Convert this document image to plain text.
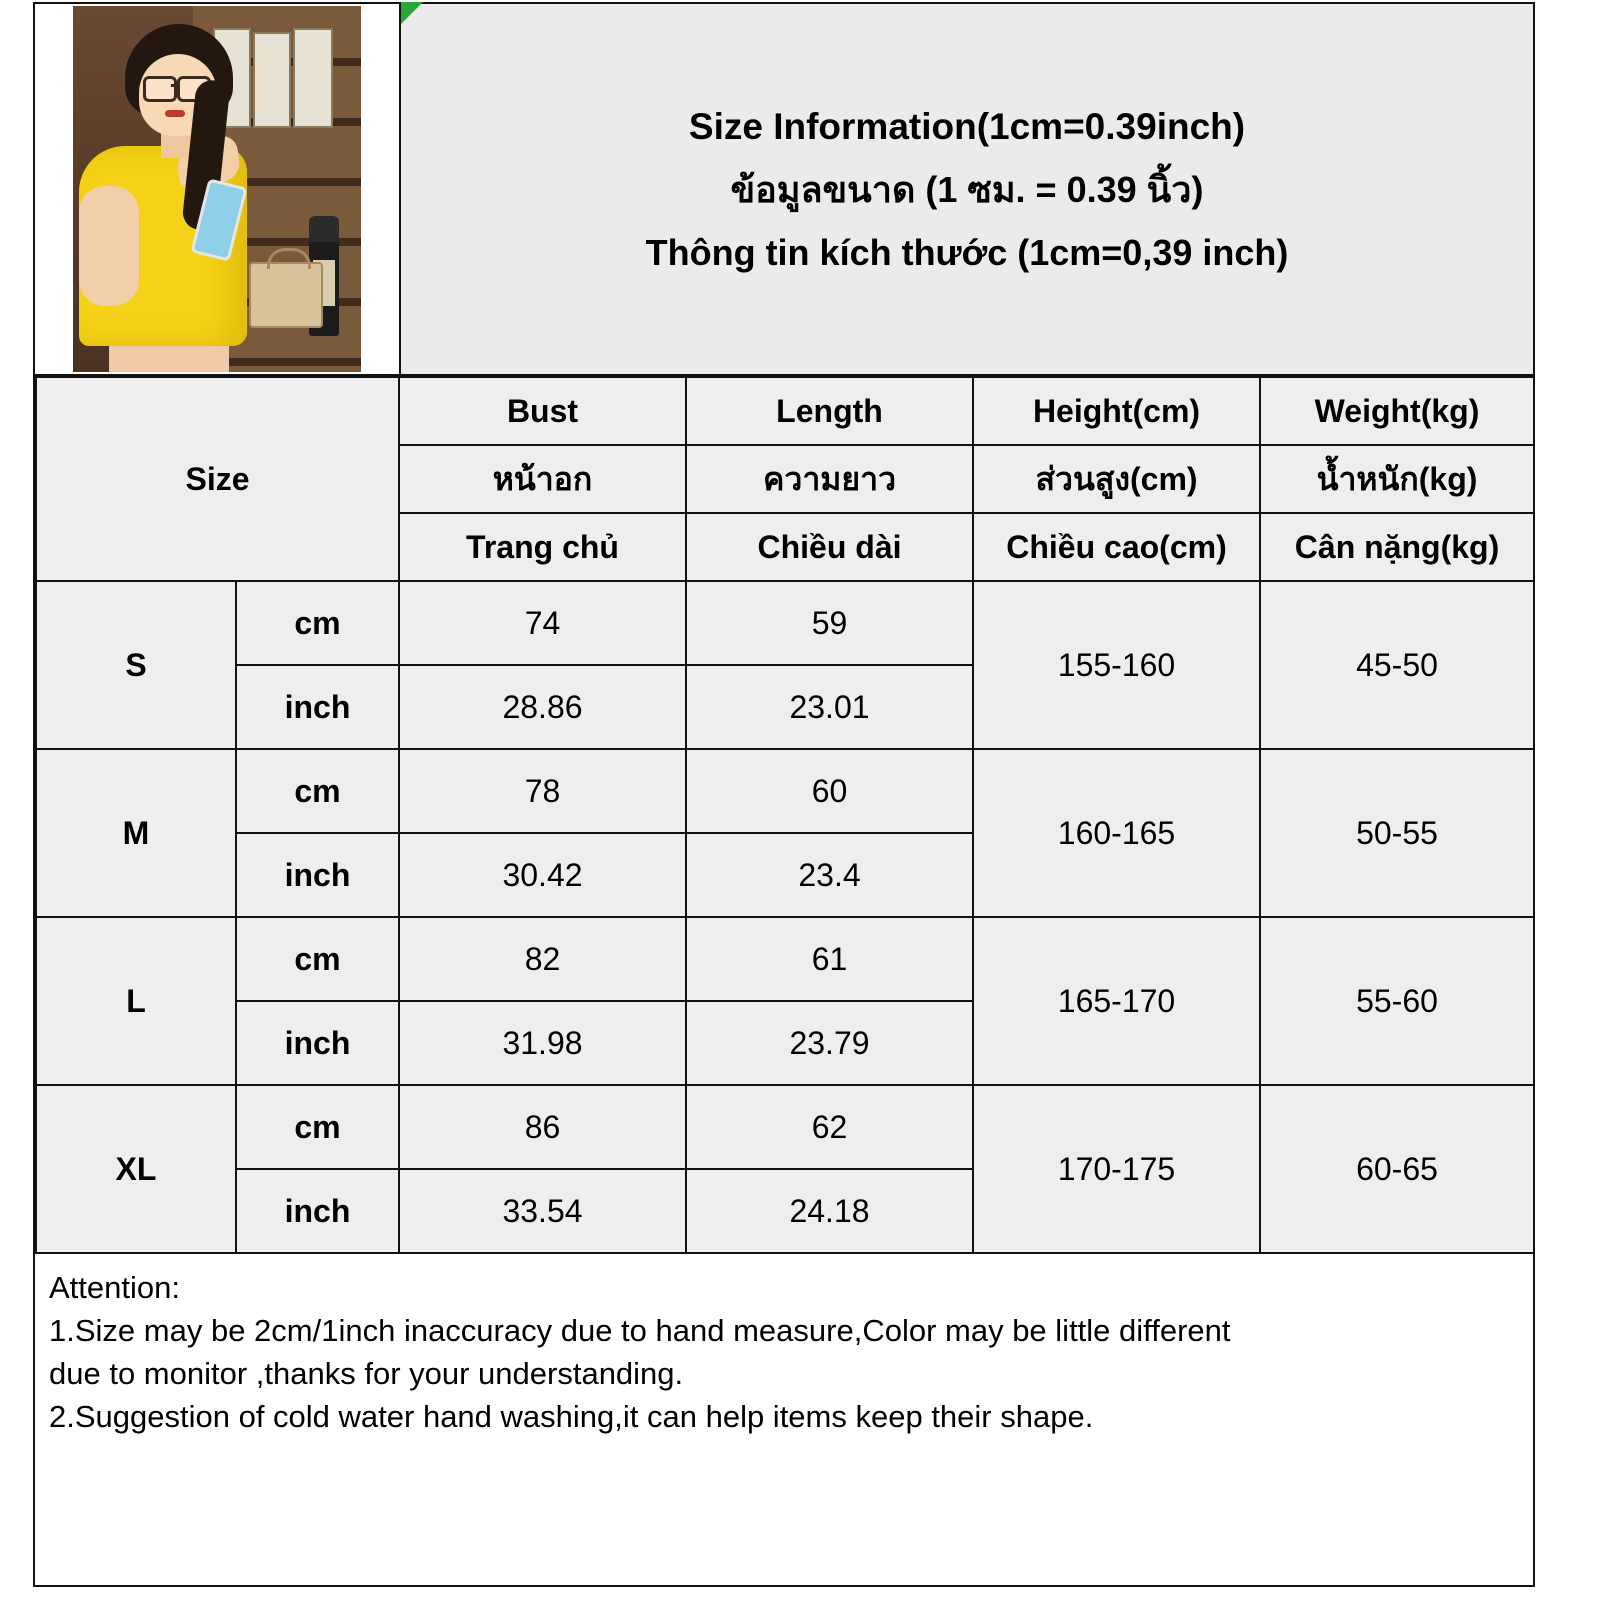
Size Information(1cm=0.39inch)
ข้อมูลขนาด (1 ซม. = 0.39 นิ้ว)
Thông tin kích thước (1cm=0,39 inch)
Size		Bust	Length	Height(cm)	Weight(kg)
		หน้าอก	ความยาว	ส่วนสูง(cm)	น้ำหนัก(kg)
		Trang chủ	Chiều dài	Chiều cao(cm)	Cân nặng(kg)
S	cm	74	59	155-160	45-50
	inch	28.86	23.01		
M	cm	78	60	160-165	50-55
	inch	30.42	23.4		
L	cm	82	61	165-170	55-60
	inch	31.98	23.79		
XL	cm	86	62	170-175	60-65
	inch	33.54	24.18		
Attention:
1.Size may be 2cm/1inch inaccuracy due to hand measure,Color may be little different
due to monitor ,thanks for your understanding.
2.Suggestion of cold water hand washing,it can help items keep their shape.
